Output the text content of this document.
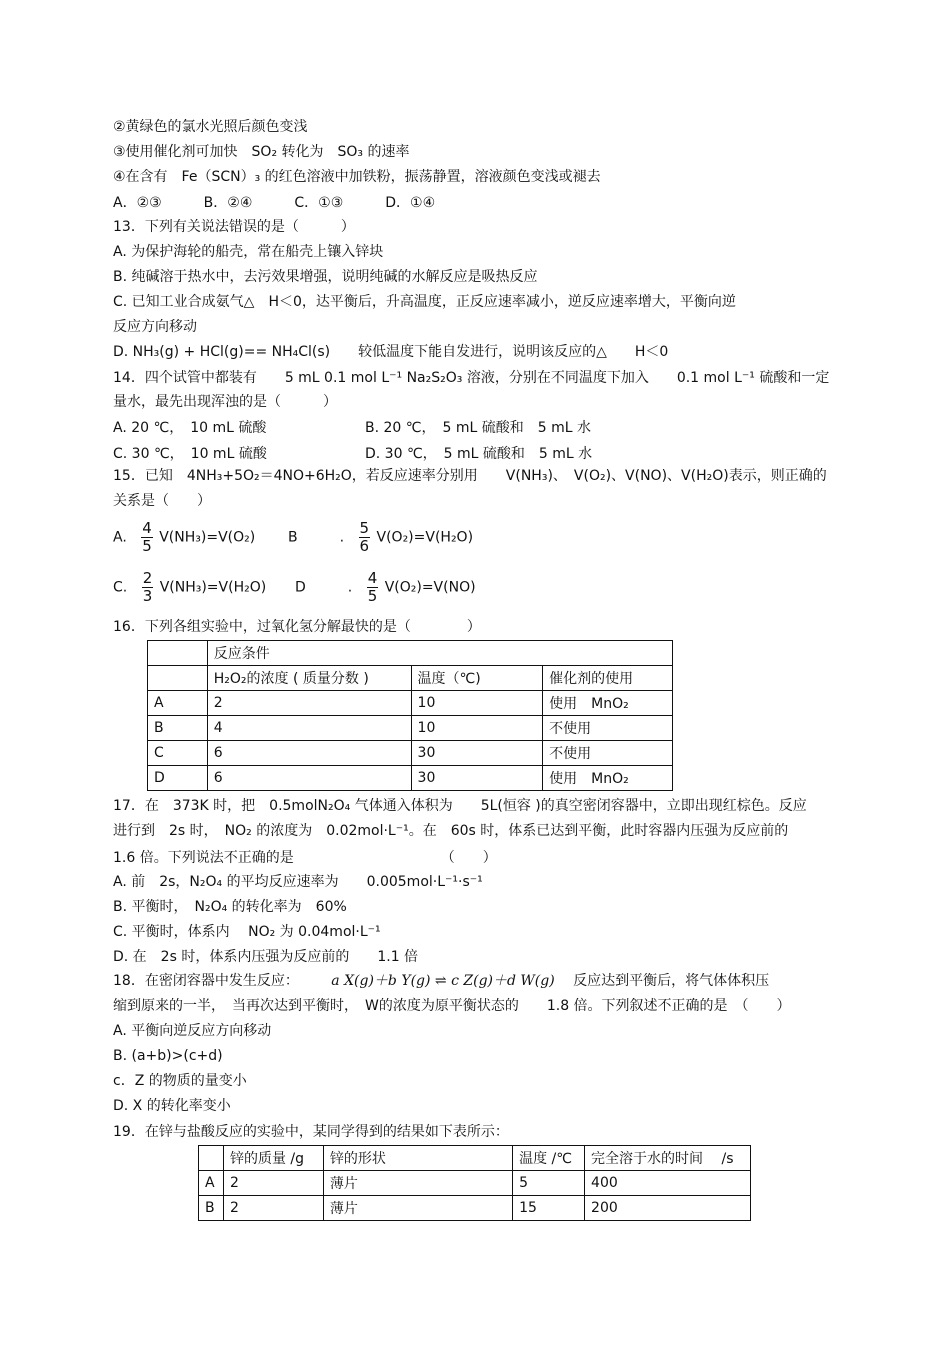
②黄绿色的氯水光照后颜色变浅
③使用催化剂可加快　SO₂ 转化为　SO₃ 的速率
④在含有　Fe（SCN）₃ 的红色溶液中加铁粉，振荡静置，溶液颜色变浅或褪去
A．②③　　　B．②④　　　C．①③　　　D．①④
13．下列有关说法错误的是（　　　）
A. 为保护海轮的船壳，常在船壳上镶入锌块
B. 纯碱溶于热水中，去污效果增强，说明纯碱的水解反应是吸热反应
C. 已知工业合成氨气△　H＜0，达平衡后，升高温度，正反应速率减小，逆反应速率增大，平衡向逆
反应方向移动
D. NH₃(g) + HCl(g)== NH₄Cl(s)　　较低温度下能自发进行，说明该反应的△　　H＜0
14．四个试管中都装有　　5 mL 0.1 mol L⁻¹ Na₂S₂O₃ 溶液，分别在不同温度下加入　　0.1 mol L⁻¹ 硫酸和一定
量水，最先出现浑浊的是（　　　）
A. 20 ℃，　10 mL 硫酸	B. 20 ℃，　5 mL 硫酸和　5 mL 水
C. 30 ℃，　10 mL 硫酸	D. 30 ℃，　5 mL 硫酸和　5 mL 水
15．已知　4NH₃+5O₂＝4NO+6H₂O，若反应速率分别用　　V(NH₃)、　V(O₂)、V(NO)、V(H₂O)表示，则正确的
关系是（　　）
A. $\frac{4}{5} V(NH_3)=V(O_2)$ B　　　. $\frac{5}{6} V(O_2)=V(H_2O)$
C. $\frac{2}{3} V(NH_3)=V(H_2O)$ D　　　. $\frac{4}{5} V(O_2)=V(NO)$
16．下列各组实验中，过氧化氢分解最快的是（　　　　）
	反应条件		
	H₂O₂的浓度 ( 质量分数 )	温度（℃)	催化剂的使用
A	2	10	使用　MnO₂
B	4	10	不使用
C	6	30	不使用
D	6	30	使用　MnO₂
17．在　373K 时，把　0.5molN₂O₄ 气体通入体积为　　5L(恒容 )的真空密闭容器中，立即出现红棕色。反应
进行到　2s 时，　NO₂ 的浓度为　0.02mol·L⁻¹。在　60s 时，体系已达到平衡，此时容器内压强为反应前的
1.6 倍。下列说法不正确的是　　　　　　　　　　　（　　）
A. 前　2s，N₂O₄ 的平均反应速率为　　0.005mol·L⁻¹·s⁻¹
B. 平衡时，　N₂O₄ 的转化率为　60%
C. 平衡时，体系内　 NO₂ 为 0.04mol·L⁻¹
D. 在　2s 时，体系内压强为反应前的　　1.1 倍
18．在密闭容器中发生反应： a X(g)＋b Y(g) ⇌ c Z(g)＋d W(g) 反应达到平衡后，将气体体积压
缩到原来的一半，　当再次达到平衡时，　W的浓度为原平衡状态的　　1.8 倍。下列叙述不正确的是　（　　）
A. 平衡向逆反应方向移动
B. (a+b)>(c+d)
c．Z 的物质的量变小
D. X 的转化率变小
19．在锌与盐酸反应的实验中，某同学得到的结果如下表所示：
	锌的质量 /g	锌的形状	温度 /℃	完全溶于水的时间　 /s
A	2	薄片	5	400
B	2	薄片	15	200
